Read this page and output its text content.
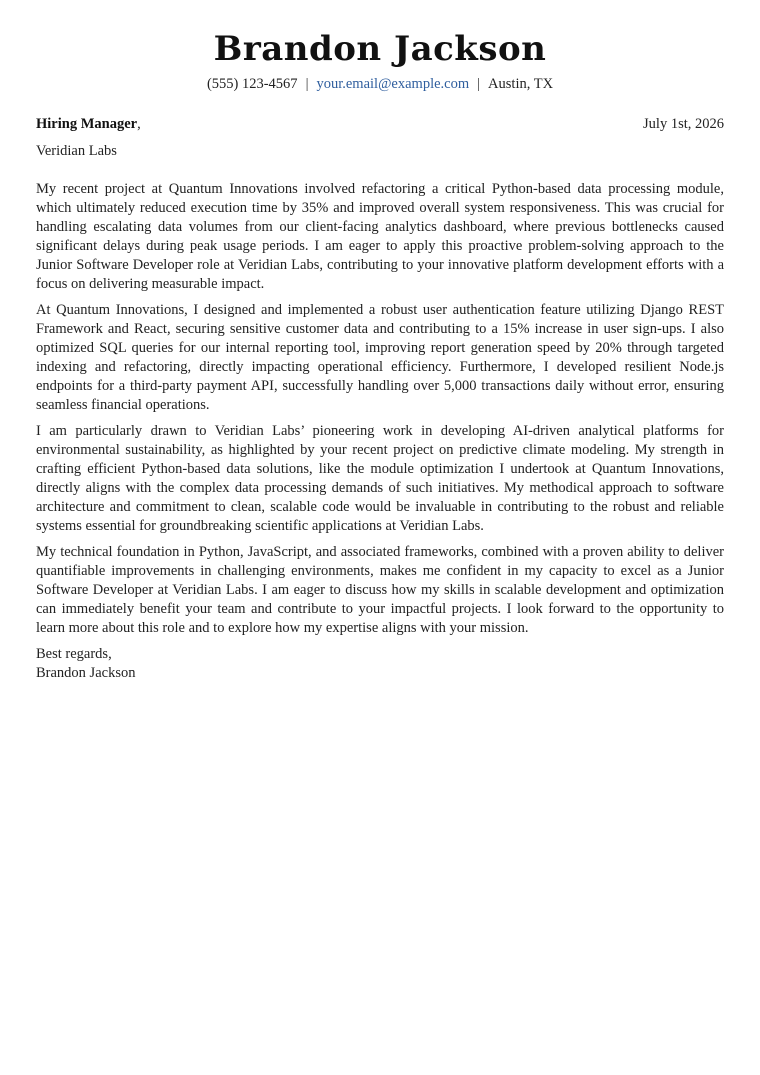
Brandon Jackson
(555) 123-4567 | your.email@example.com | Austin, TX
Hiring Manager,	July 1st, 2026
Veridian Labs

My recent project at Quantum Innovations involved refactoring a critical Python-based data processing module, which ultimately reduced execution time by 35% and improved overall system responsiveness. This was crucial for handling escalating data volumes from our client-facing analytics dashboard, where previous bottlenecks caused significant delays during peak usage periods. I am eager to apply this proactive problem-solving approach to the Junior Software Developer role at Veridian Labs, contributing to your innovative platform development efforts with a focus on delivering measurable impact.

At Quantum Innovations, I designed and implemented a robust user authentication feature utilizing Django REST Framework and React, securing sensitive customer data and contributing to a 15% increase in user sign-ups. I also optimized SQL queries for our internal reporting tool, improving report generation speed by 20% through targeted indexing and refactoring, directly impacting operational efficiency. Furthermore, I developed resilient Node.js endpoints for a third-party payment API, successfully handling over 5,000 transactions daily without error, ensuring seamless financial operations.

I am particularly drawn to Veridian Labs’ pioneering work in developing AI-driven analytical platforms for environmental sustainability, as highlighted by your recent project on predictive climate modeling. My strength in crafting efficient Python-based data solutions, like the module optimization I undertook at Quantum Innovations, directly aligns with the complex data processing demands of such initiatives. My methodical approach to software architecture and commitment to clean, scalable code would be invaluable in contributing to the robust and reliable systems essential for groundbreaking scientific applications at Veridian Labs.

My technical foundation in Python, JavaScript, and associated frameworks, combined with a proven ability to deliver quantifiable improvements in challenging environments, makes me confident in my capacity to excel as a Junior Software Developer at Veridian Labs. I am eager to discuss how my skills in scalable development and optimization can immediately benefit your team and contribute to your impactful projects. I look forward to the opportunity to learn more about this role and to explore how my expertise aligns with your mission.

Best regards,
Brandon Jackson
